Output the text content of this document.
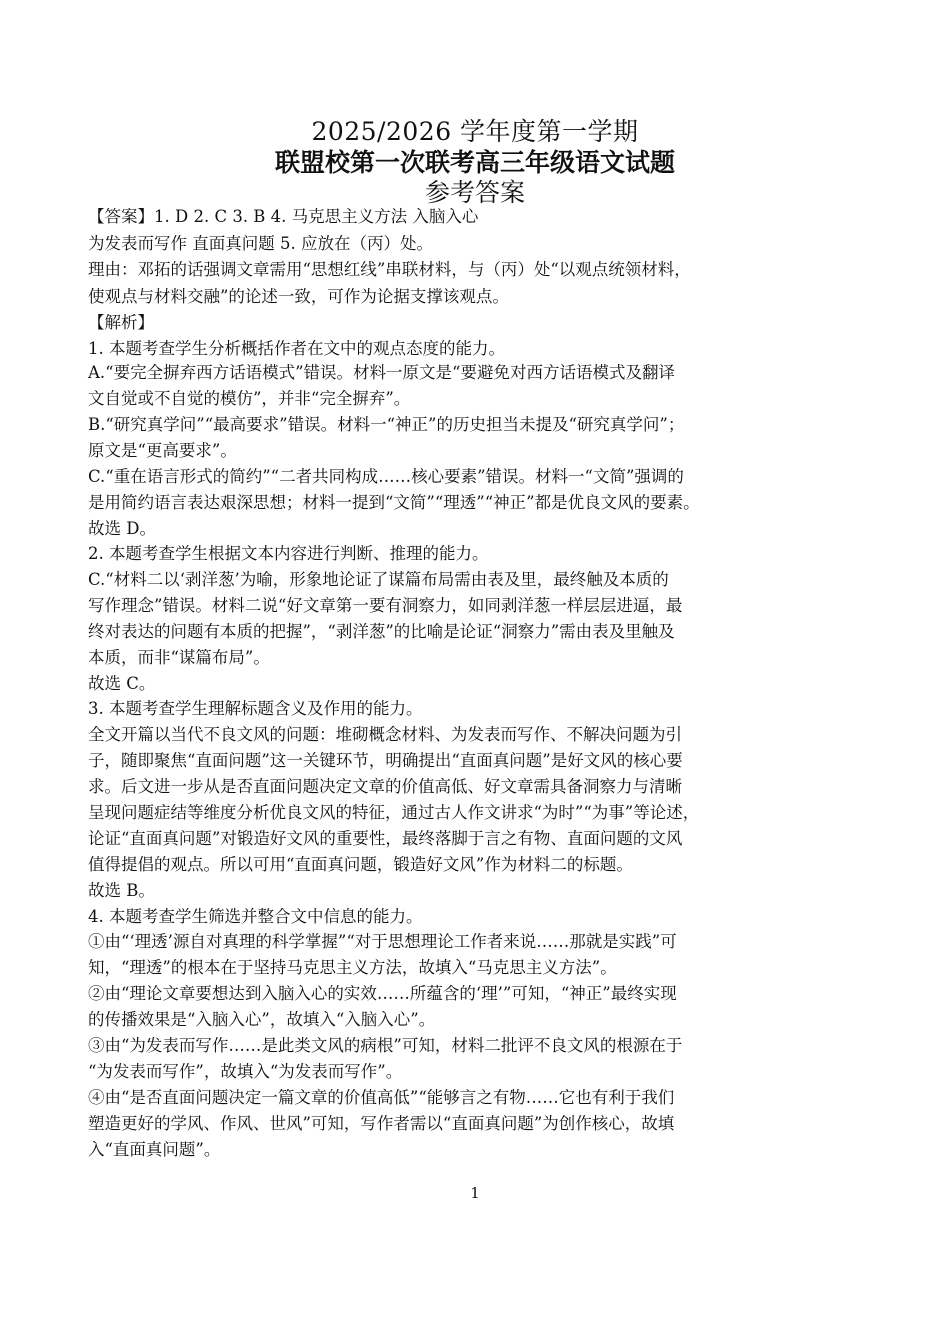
2025/2026 学年度第一学期
联盟校第一次联考高三年级语文试题
参考答案
【答案】1. D 2. C 3. B 4. 马克思主义方法 入脑入心
为发表而写作 直面真问题 5. 应放在（丙）处。
理由：邓拓的话强调文章需用“思想红线”串联材料，与（丙）处“以观点统领材料，
使观点与材料交融”的论述一致，可作为论据支撑该观点。
【解析】
1. 本题考查学生分析概括作者在文中的观点态度的能力。
A.“要完全摒弃西方话语模式”错误。材料一原文是“要避免对西方话语模式及翻译
文自觉或不自觉的模仿”，并非“完全摒弃”。
B.“研究真学问”“最高要求”错误。材料一“神正”的历史担当未提及“研究真学问”；
原文是“更高要求”。
C.“重在语言形式的简约”“二者共同构成……核心要素”错误。材料一“文简”强调的
是用简约语言表达艰深思想；材料一提到“文简”“理透”“神正”都是优良文风的要素。
故选 D。
2. 本题考查学生根据文本内容进行判断、推理的能力。
C.“材料二以‘剥洋葱’为喻，形象地论证了谋篇布局需由表及里，最终触及本质的
写作理念”错误。材料二说“好文章第一要有洞察力，如同剥洋葱一样层层进逼，最
终对表达的问题有本质的把握”，“剥洋葱”的比喻是论证“洞察力”需由表及里触及
本质，而非“谋篇布局”。
故选 C。
3. 本题考查学生理解标题含义及作用的能力。
全文开篇以当代不良文风的问题：堆砌概念材料、为发表而写作、不解决问题为引
子，随即聚焦“直面问题”这一关键环节，明确提出“直面真问题”是好文风的核心要
求。后文进一步从是否直面问题决定文章的价值高低、好文章需具备洞察力与清晰
呈现问题症结等维度分析优良文风的特征，通过古人作文讲求“为时”“为事”等论述，
论证“直面真问题”对锻造好文风的重要性，最终落脚于言之有物、直面问题的文风
值得提倡的观点。所以可用“直面真问题，锻造好文风”作为材料二的标题。
故选 B。
4. 本题考查学生筛选并整合文中信息的能力。
①由“‘理透’源自对真理的科学掌握”“对于思想理论工作者来说……那就是实践”可
知，“理透”的根本在于坚持马克思主义方法，故填入“马克思主义方法”。
②由“理论文章要想达到入脑入心的实效……所蕴含的‘理’”可知，“神正”最终实现
的传播效果是“入脑入心”，故填入“入脑入心”。
③由“为发表而写作……是此类文风的病根”可知，材料二批评不良文风的根源在于
“为发表而写作”，故填入“为发表而写作”。
④由“是否直面问题决定一篇文章的价值高低”“能够言之有物……它也有利于我们
塑造更好的学风、作风、世风”可知，写作者需以“直面真问题”为创作核心，故填
入“直面真问题”。
1
